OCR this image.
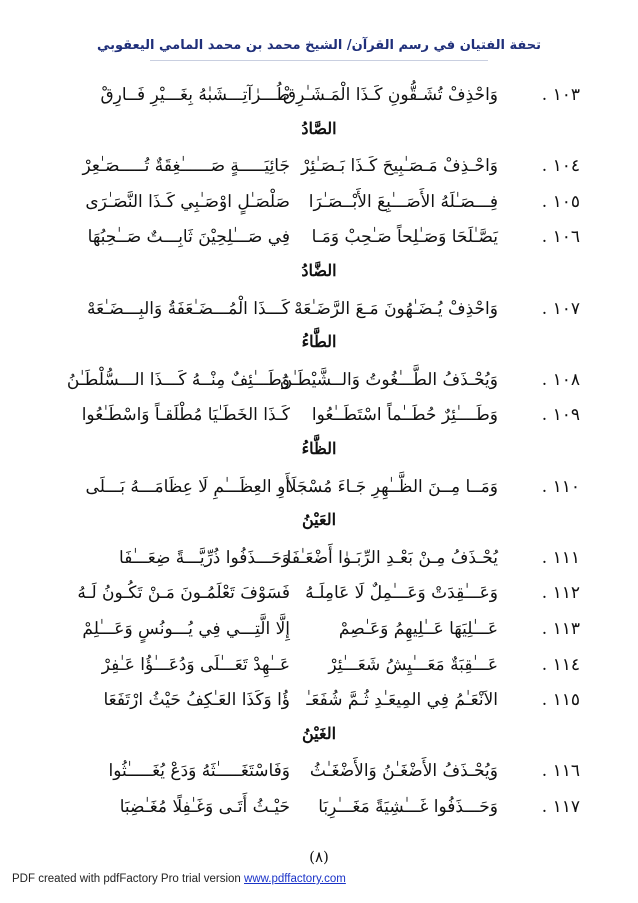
تحفة الفتيان في رسم القرآن/ الشيخ محمد بن محمد المامي اليعقوبي
١٠٣ .
وَاحْذِفْ تُشَـقُّونِ كَـذَا الْمَـشَـٰرِقْ
طُـــرٰآتِـــشَبٰهُ بِغَـــيْرِ فَــارِقْ
الصَّادُ
١٠٤ .
وَاحْـذِفْ مَـصَـٰبِيحَ كَـذَا بَـصَـٰئِرْ
جَائِيَـــــةٍ صَــــــٰغِقَةٌ تُـــــصَـٰعِرْ
١٠٥ .
فِـــصَـٰلَهُ الأَصَـــٰبِعَ الأَبْــصَـٰرَا
صَلْصَـٰلٍ اوْصَـٰبِي كَـذَا النَّصَـٰرَى
١٠٦ .
يَصَّـٰلَحَا وَصَـٰلِحاً صَـٰحِبْ وَمَـا
فِي صَـــٰلِحِيْنَ ثَابِـــتٌ صَــٰحِبُهَا
الضَّادُ
١٠٧ .
وَاحْذِفْ يُـضَـٰهُونَ مَـعَ الرَّضَـٰعَهْ
كَـــذَا الْمُـــضَـٰعَفَةُ وَالبِـــضَـٰعَهْ
الطَّاءُ
١٠٨ .
وَيُحْـذَفُ الطَّـــٰغُوتُ وَالــشَّيْطَـٰنُ
وَطَـــٰئِفٌ مِنْــهُ كَـــذَا الـــسُّلْطَـٰنُ
١٠٩ .
وَطَــــٰئِرٌ حُطَــٰماً اسْتَطَــٰعُوا
كَـذَا الخَطَـٰيَا مُطْلَقـاً وَاسْطَـٰعُوا
الظَّاءُ
١١٠ .
وَمَــا مِــنَ الظَّــٰهِرِ جَـاءَ مُسْجَلَا
أَوِ العِظَـــٰمِ لَا عِظَامَـــهُ بَـــلَى
العَيْنُ
١١١ .
يُحْـذَفُ مِـنْ بَعْـدِ الرِّبَـوٰا أَضْعَـٰفَا
وَحَـــذَفُوا ذُرِّيَّـــةً ضِعَـــٰفَا
١١٢ .
وَعَـــٰقِدَتْ وَعَـــٰمِلٌ لَا عَامِلَـهُ
فَسَوْفَ تَعْلَمُـونَ مَـنْ تَكُـونُ لَـهُ
١١٣ .
عَـــٰلِيَهَا عَــٰلِيهِمُ وَعَـٰصِمْ
إِلَّا الَّتِـــي فِي يُـــونُسٍ وَعَـــٰلِمْ
١١٤ .
عَـــٰقِبَةٌ مَعَـــٰيِشُ شَعَـــٰئِرْ
عَــٰهِدْ تَعَـــٰلَى وَدُعَـــٰؤُا عَـٰفِرْ
١١٥ .
الاَنْعَـٰمُ فِي المِيعَـٰدِ ثُـمَّ شُفَعَـٰ
ؤُا وَكَذَا العَـٰكِفُ حَيْثُ ارْتَفَعَا
الغَيْنُ
١١٦ .
وَيُحْـذَفُ الأَضْغَـٰنُ وَالأَضْغَـٰثُ
وَفَاسْتَغَـــــٰثَهُ وَدَعْ يُغَـــــٰثُوا
١١٧ .
وَحَـــذَفُوا غَـــٰشِيَةً مَغَـــٰرِبَا
حَيْـثُ أَتَـى وَغَـٰفِلًا مُغَـٰضِبَا
(٨)
PDF created with pdfFactory Pro trial version www.pdffactory.com
